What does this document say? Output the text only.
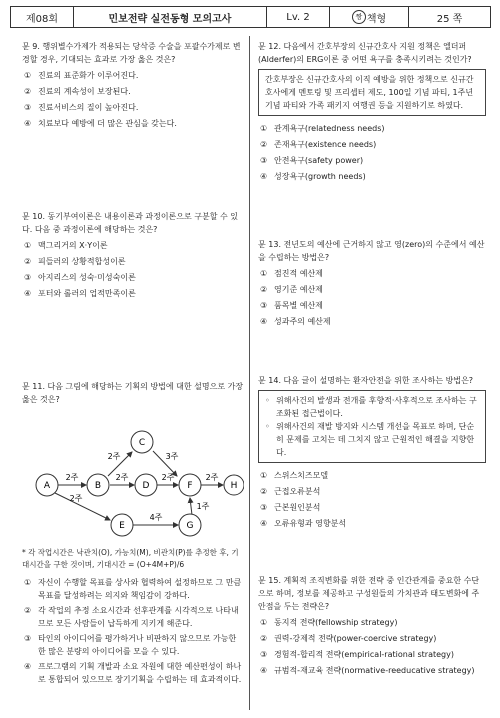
제08회	민보전략 실전동형 모의고사	Lv. 2	짱 책형	25 쪽
문 9. 행위별수가제가 적용되는 당삭증 수술을 포괄수가제로 변경할 경우, 기대되는 효과로 가장 옳은 것은?
① 진료의 표준화가 이루어진다.
② 진료의 계속성이 보장된다.
③ 진료서비스의 질이 높아진다.
④ 치료보다 예방에 더 많은 관심을 갖는다.
문 10. 동기부여이론은 내용이론과 과정이론으로 구분할 수 있다. 다음 중 과정이론에 해당하는 것은?
① 맥그리거의 X·Y이론
② 피들러의 상황적합성이론
③ 아지리스의 성숙·미성숙이론
④ 포터와 롤러의 업적만족이론
문 11. 다음 그림에 해당하는 기획의 방법에 대한 설명으로 가장 옳은 것은?
2주
2주
2주
3주
2주	2주
2주
4주
1주
A	B
C
D	F	H
E	G
* 각 작업시간은 낙관치(O), 가능치(M), 비관치(P)를 추정한 후, 기대시간을 구한 것이며, 기대시간 = (O+4M+P)/6
① 자신이 수행할 목표를 상사와 협력하여 설정하므로 그 만큼 목표를 달성하려는 의지와 책임감이 강하다.
② 각 작업의 추정 소요시간과 선후관계를 시각적으로 나타내므로 모든 사람들이 납득하게 지키게 해준다.
③ 타인의 아이디어를 평가하거나 비판하지 않으므로 가능한 한 많은 분량의 아이디어를 모을 수 있다.
④ 프로그램의 기획 개발과 소요 자원에 대한 예산편성이 하나로 통합되어 있으므로 장기기획을 수립하는 데 효과적이다.
문 12. 다음에서 간호부장의 신규간호사 지원 정책은 엘더퍼(Alderfer)의 ERG이론 중 어떤 욕구를 충족시키려는 것인가?
간호부장은 신규간호사의 이직 예방을 위한 정책으로 신규간호사에게 멘토링 및 프리셉터 제도, 100일 기념 파티, 1주년 기념 파티와 가족 패키지 여행권 등을 지원하기로 하였다.
① 관계욕구(relatedness needs)
② 존재욕구(existence needs)
③ 안전욕구(safety power)
④ 성장욕구(growth needs)
문 13. 전년도의 예산에 근거하지 않고 영(zero)의 수준에서 예산을 수립하는 방법은?
① 점진적 예산제
② 영기준 예산제
③ 품목별 예산제
④ 성과주의 예산제
문 14. 다음 글이 설명하는 환자안전을 위한 조사하는 방법은?
◦ 위해사건의 발생과 전개를 후향적·사후적으로 조사하는 구조화된 접근법이다.
◦ 위해사건의 재발 방지와 시스템 개선을 목표로 하며, 단순히 문제를 고치는 데 그치지 않고 근원적인 해결을 지향한다.
① 스위스치즈모델
② 근접오류분석
③ 근본원인분석
④ 오류유형과 영향분석
문 15. 계획적 조직변화를 위한 전략 중 인간관계를 중요한 수단으로 하며, 정보를 제공하고 구성원들의 가치관과 태도변화에 주안점을 두는 전략은?
① 동지적 전략(fellowship strategy)
② 권력-강제적 전략(power-coercive strategy)
③ 경험적-합리적 전략(empirical-rational strategy)
④ 규범적-재교육 전략(normative-reeducative strategy)
